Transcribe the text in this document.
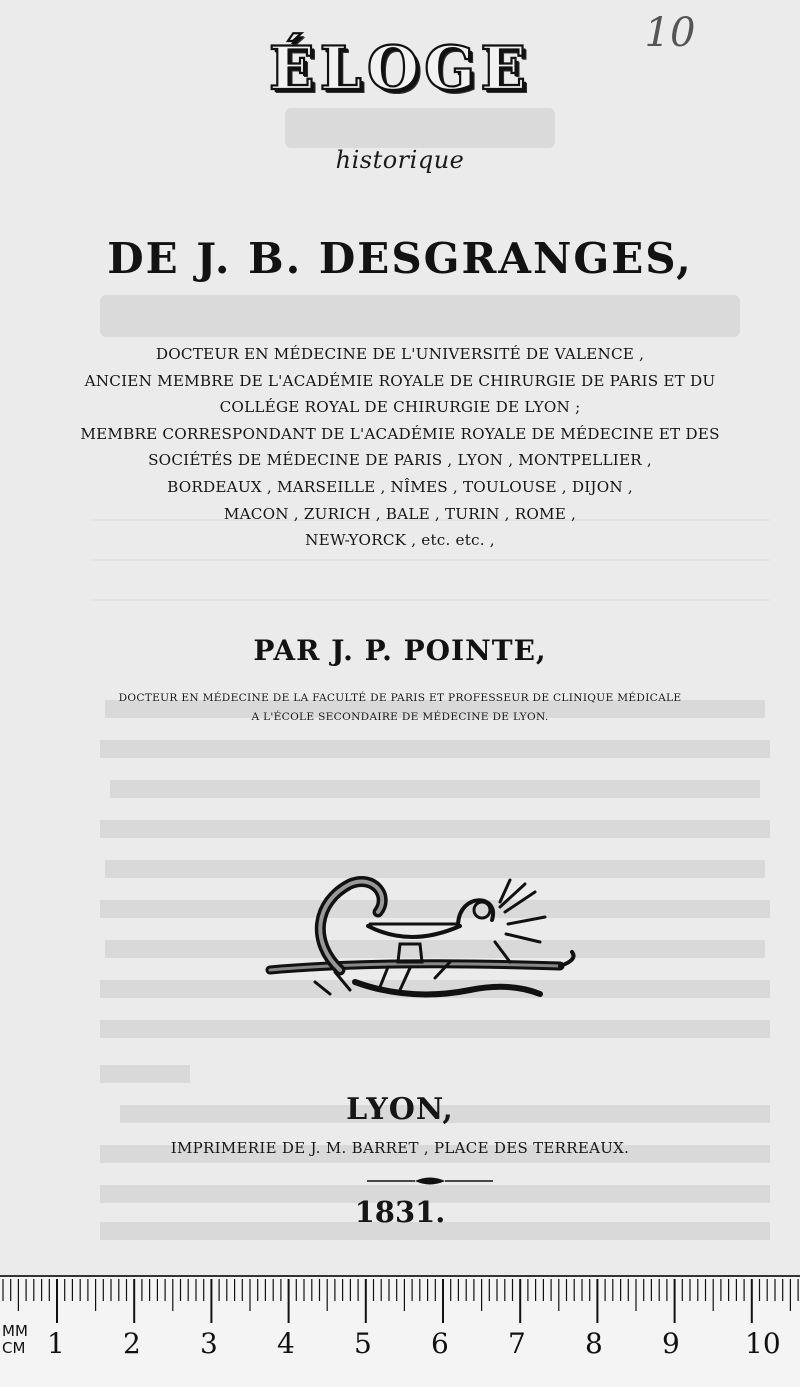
10
ÉLOGE
historique
DE J. B. DESGRANGES,
DOCTEUR EN MÉDECINE DE L'UNIVERSITÉ DE VALENCE ,
ANCIEN MEMBRE DE L'ACADÉMIE ROYALE DE CHIRURGIE DE PARIS ET DU
COLLÉGE ROYAL DE CHIRURGIE DE LYON ;
MEMBRE CORRESPONDANT DE L'ACADÉMIE ROYALE DE MÉDECINE ET DES
SOCIÉTÉS DE MÉDECINE DE PARIS , LYON , MONTPELLIER ,
BORDEAUX , MARSEILLE , NÎMES , TOULOUSE , DIJON ,
MACON , ZURICH , BALE , TURIN , ROME ,
NEW-YORCK , etc. etc. ,
PAR J. P. POINTE,
DOCTEUR EN MÉDECINE DE LA FACULTÉ DE PARIS ET PROFESSEUR DE CLINIQUE MÉDICALE
A L'ÉCOLE SECONDAIRE DE MÉDECINE DE LYON.
LYON,
IMPRIMERIE DE J. M. BARRET , PLACE DES TERREAUX.
1831.
MM
CM 1 2 3 4 5 6 7 8 9 10
